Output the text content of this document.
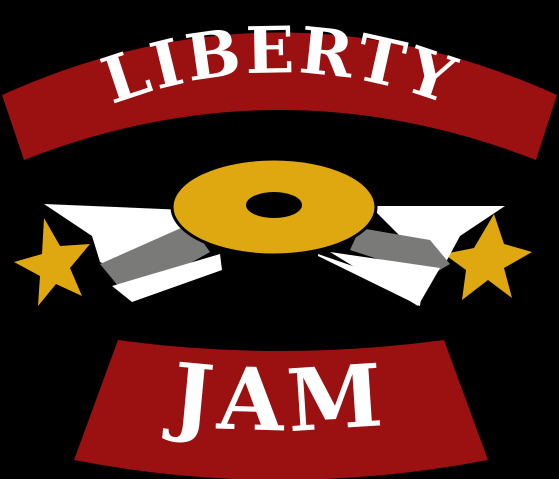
LIBERTY
JAM
